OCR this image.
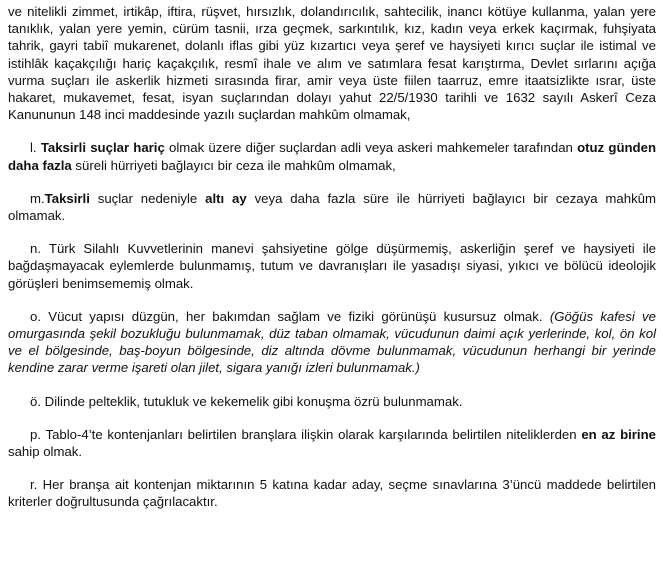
ve nitelikli zimmet, irtikâp, iftira, rüşvet, hırsızlık, dolandırıcılık, sahtecilik, inancı kötüye kullanma, yalan yere tanıklık, yalan yere yemin, cürüm tasnii, ırza geçmek, sarkıntılık, kız, kadın veya erkek kaçırmak, fuhşiyata tahrik, gayri tabiî mukarenet, dolanlı iflas gibi yüz kızartıcı veya şeref ve haysiyeti kırıcı suçlar ile istimal ve istihlâk kaçakçılığı hariç kaçakçılık, resmî ihale ve alım ve satımlara fesat karıştırma, Devlet sırlarını açığa vurma suçları ile askerlik hizmeti sırasında firar, amir veya üste fiilen taarruz, emre itaatsizlikte ısrar, üste hakaret, mukavemet, fesat, isyan suçlarından dolayı yahut 22/5/1930 tarihli ve 1632 sayılı Askerî Ceza Kanununun 148 inci maddesinde yazılı suçlardan mahkûm olmamak,

l. Taksirli suçlar hariç olmak üzere diğer suçlardan adli veya askeri mahkemeler tarafından otuz günden daha fazla süreli hürriyeti bağlayıcı bir ceza ile mahkûm olmamak,

m.Taksirli suçlar nedeniyle altı ay veya daha fazla süre ile hürriyeti bağlayıcı bir cezaya mahkûm olmamak.

n. Türk Silahlı Kuvvetlerinin manevi şahsiyetine gölge düşürmemiş, askerliğin şeref ve haysiyeti ile bağdaşmayacak eylemlerde bulunmamış, tutum ve davranışları ile yasadışı siyasi, yıkıcı ve bölücü ideolojik görüşleri benimsememiş olmak.

o. Vücut yapısı düzgün, her bakımdan sağlam ve fiziki görünüşü kusursuz olmak. (Göğüs kafesi ve omurgasında şekil bozukluğu bulunmamak, düz taban olmamak, vücudunun daimi açık yerlerinde, kol, ön kol ve el bölgesinde, baş-boyun bölgesinde, diz altında dövme bulunmamak, vücudunun herhangi bir yerinde kendine zarar verme işareti olan jilet, sigara yanığı izleri bulunmamak.)

ö. Dilinde pelteklik, tutukluk ve kekemelik gibi konuşma özrü bulunmamak.

p. Tablo-4’te kontenjanları belirtilen branşlara ilişkin olarak karşılarında belirtilen niteliklerden en az birine sahip olmak.

r. Her branşa ait kontenjan miktarının 5 katına kadar aday, seçme sınavlarına 3’üncü maddede belirtilen kriterler doğrultusunda çağrılacaktır.
